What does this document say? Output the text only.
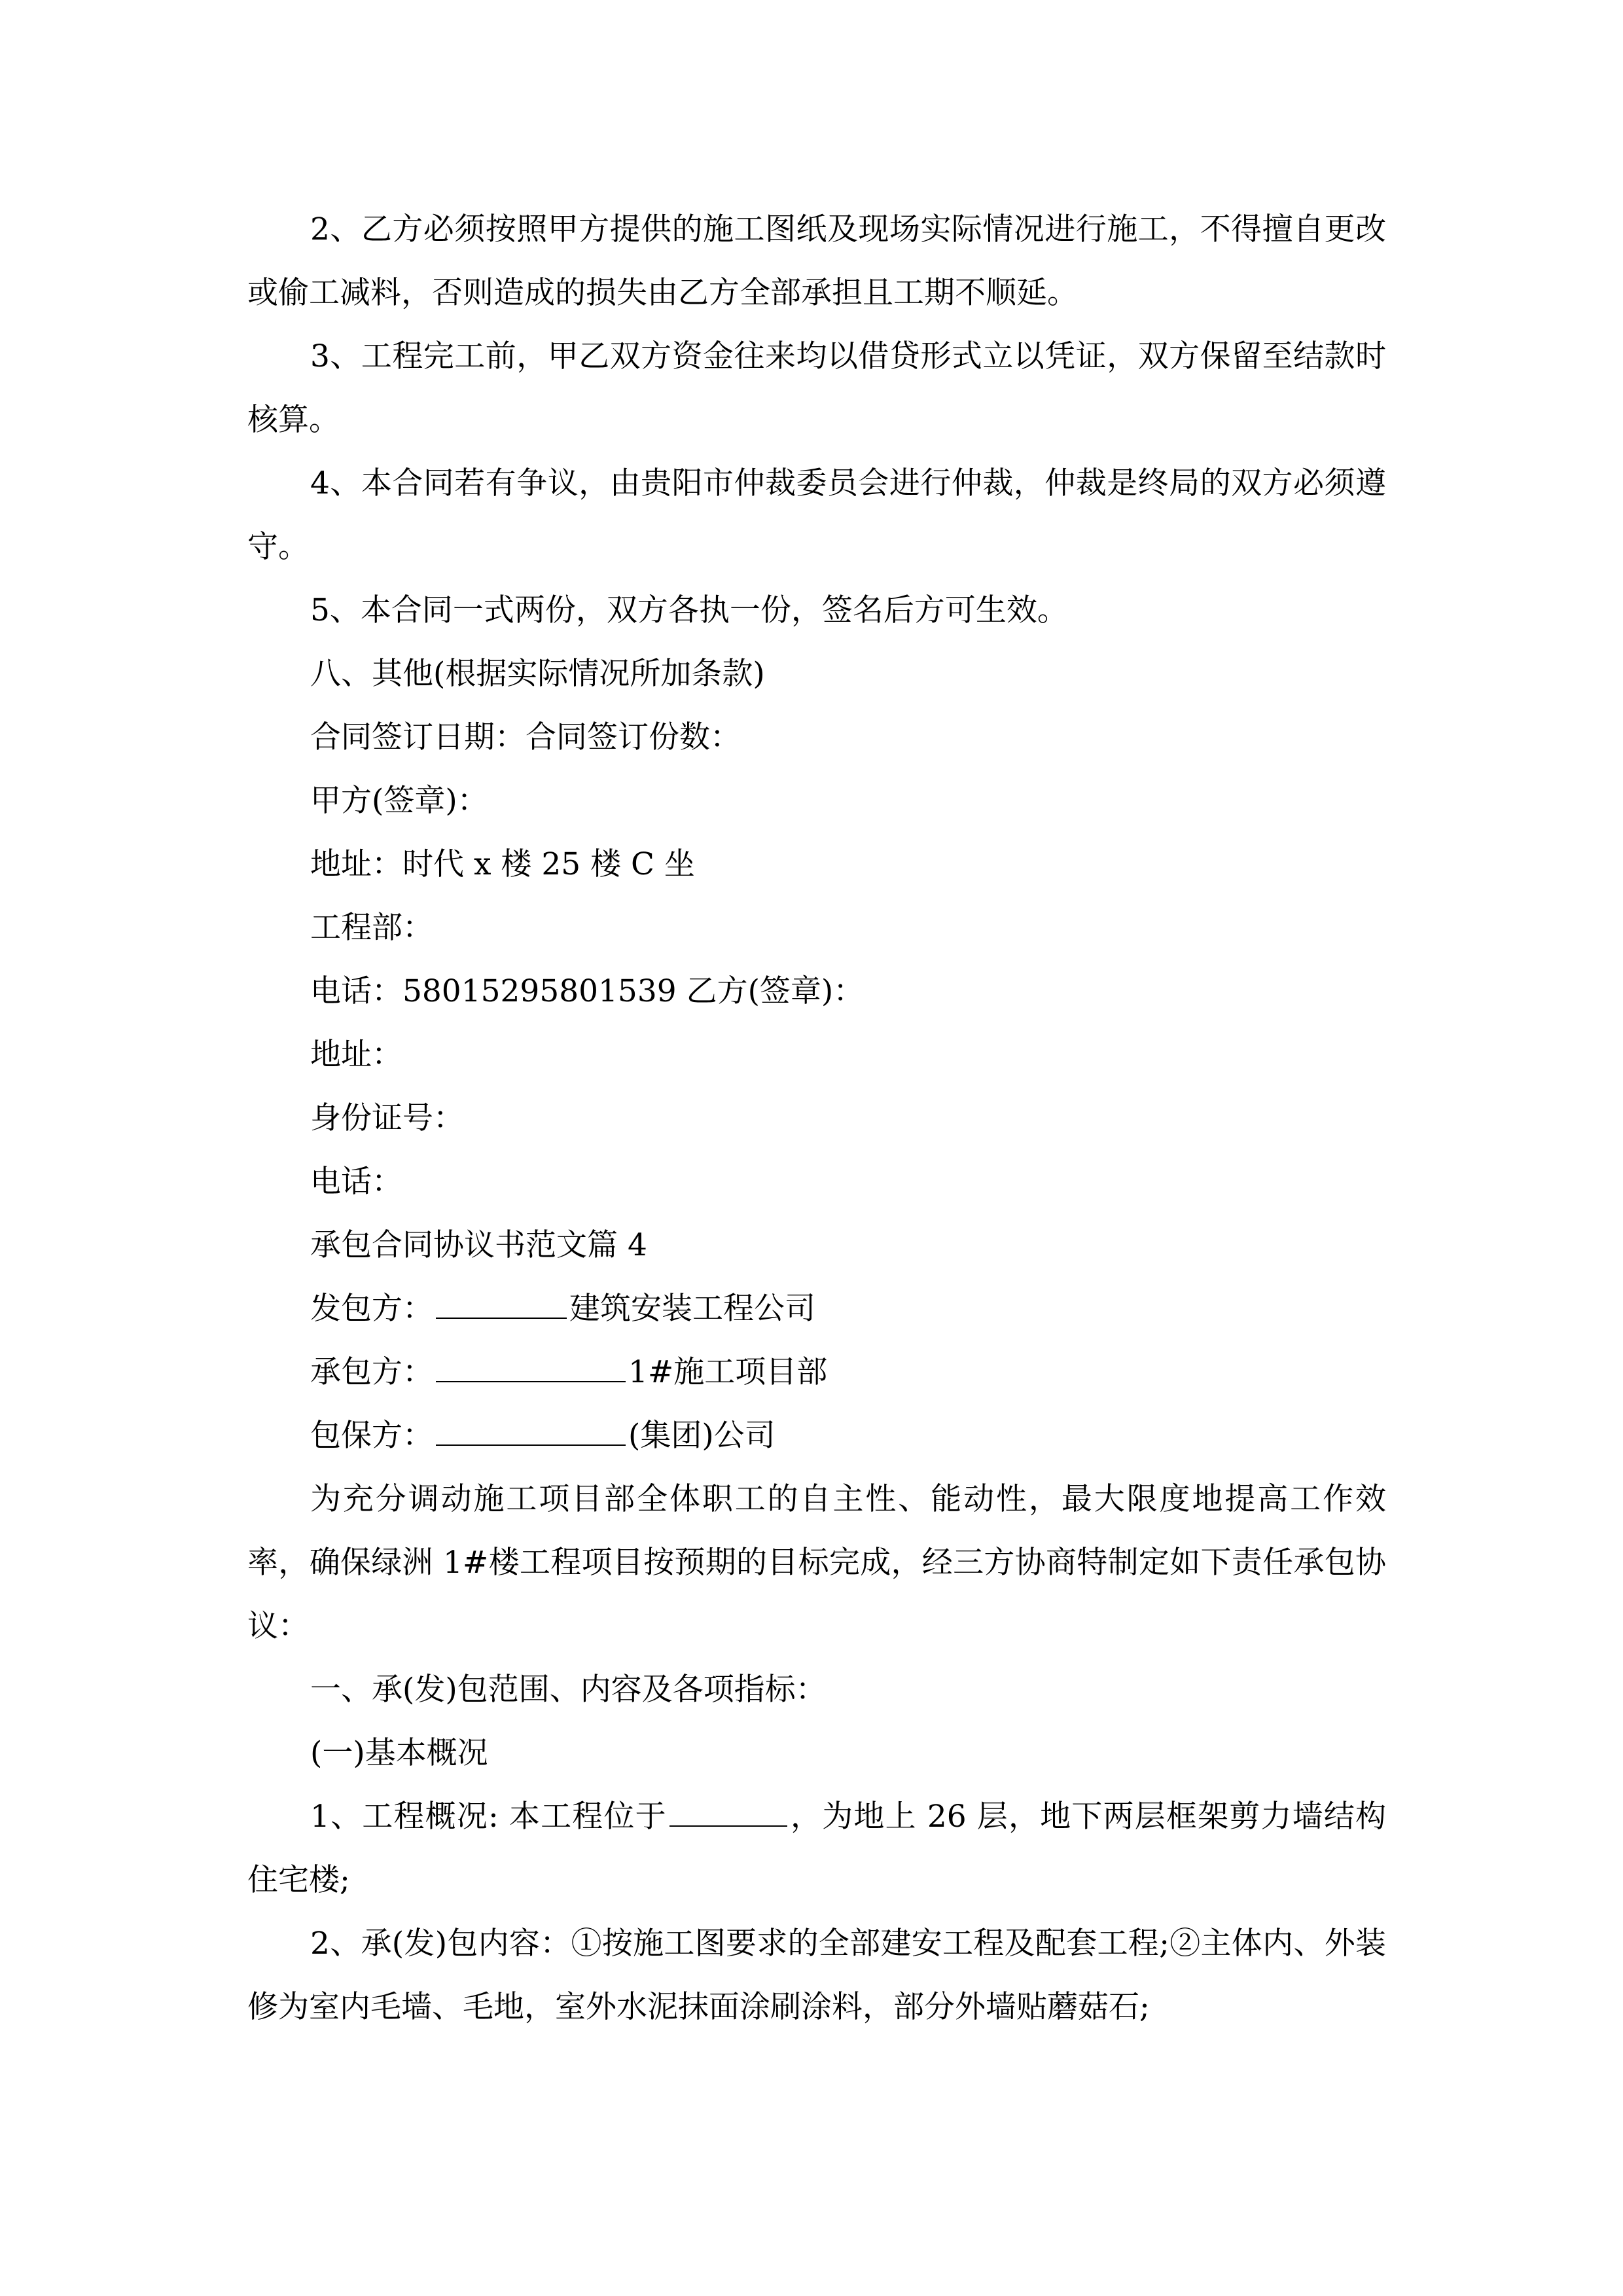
2、乙方必须按照甲方提供的施工图纸及现场实际情况进行施工，不得擅自更改或偷工减料，否则造成的损失由乙方全部承担且工期不顺延。

3、工程完工前，甲乙双方资金往来均以借贷形式立以凭证，双方保留至结款时核算。

4、本合同若有争议，由贵阳市仲裁委员会进行仲裁，仲裁是终局的双方必须遵守。

5、本合同一式两份，双方各执一份，签名后方可生效。

八、其他(根据实际情况所加条款)

合同签订日期：合同签订份数：

甲方(签章)：

地址：时代 x 楼 25 楼 C 坐

工程部：

电话：58015295801539 乙方(签章)：

地址：

身份证号：

电话：

承包合同协议书范文篇 4

发包方：	建筑安装工程公司

承包方：	1#施工项目部

包保方：	(集团)公司

为充分调动施工项目部全体职工的自主性、能动性，最大限度地提高工作效率，确保绿洲 1#楼工程项目按预期的目标完成，经三方协商特制定如下责任承包协议：

一、承(发)包范围、内容及各项指标：

(一)基本概况

1、工程概况: 本工程位于	，为地上 26 层，地下两层框架剪力墙结构住宅楼;

2、承(发)包内容：①按施工图要求的全部建安工程及配套工程;②主体内、外装修为室内毛墙、毛地，室外水泥抹面涂刷涂料，部分外墙贴蘑菇石;
